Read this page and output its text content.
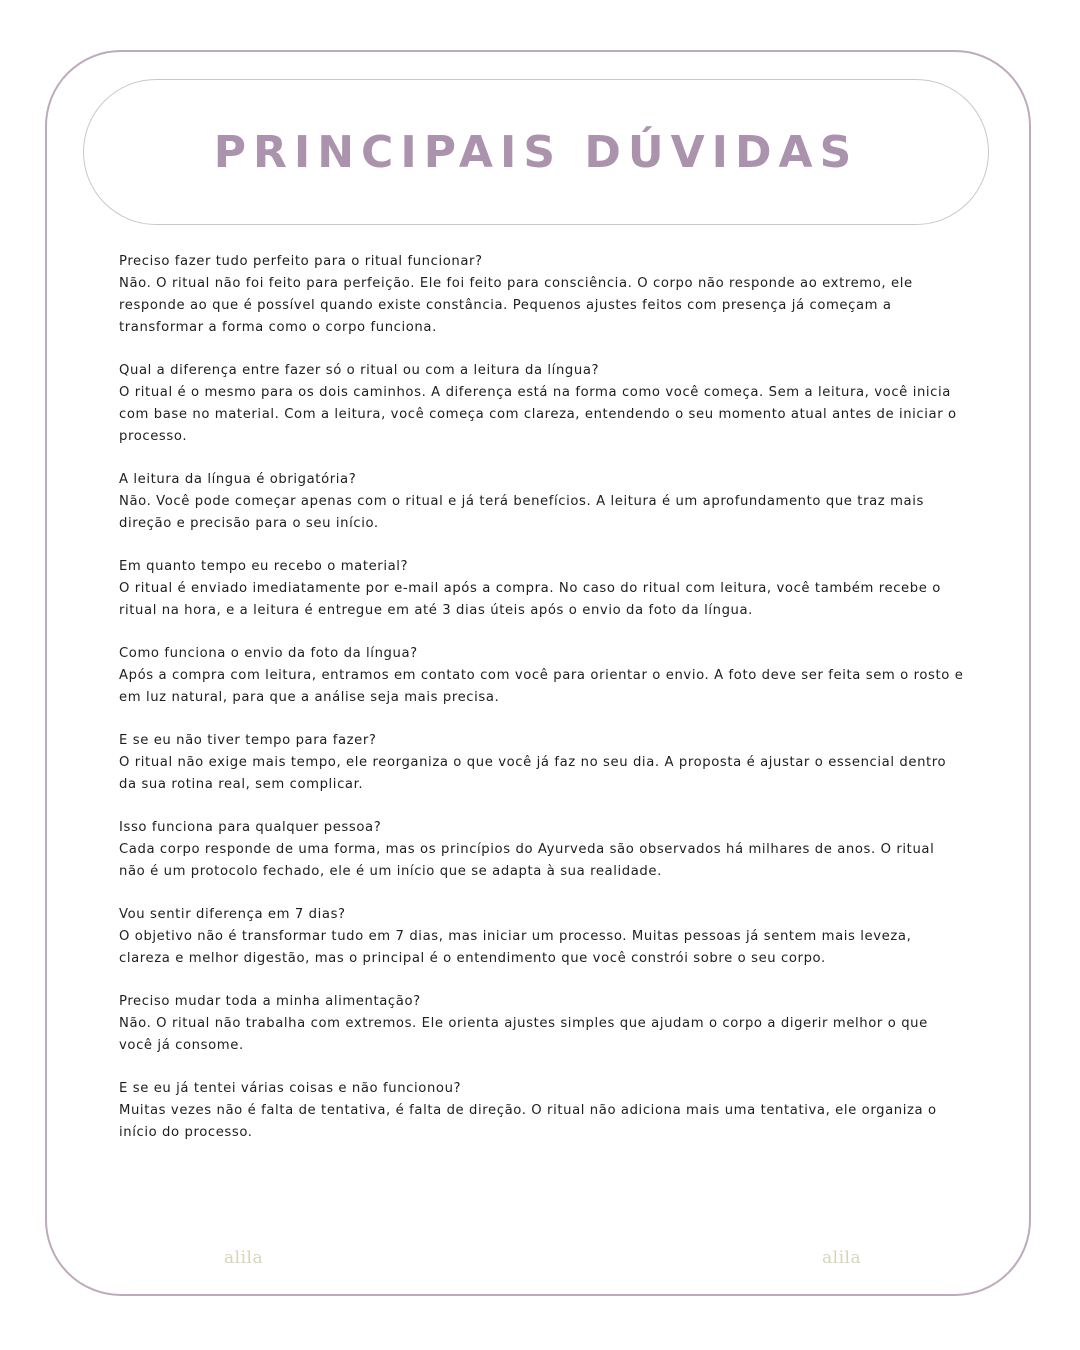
PRINCIPAIS DÚVIDAS

Preciso fazer tudo perfeito para o ritual funcionar?

Não. O ritual não foi feito para perfeição. Ele foi feito para consciência. O corpo não responde ao extremo, ele responde ao que é possível quando existe constância. Pequenos ajustes feitos com presença já começam a transformar a forma como o corpo funciona.

Qual a diferença entre fazer só o ritual ou com a leitura da língua?

O ritual é o mesmo para os dois caminhos. A diferença está na forma como você começa. Sem a leitura, você inicia com base no material. Com a leitura, você começa com clareza, entendendo o seu momento atual antes de iniciar o processo.

A leitura da língua é obrigatória?

Não. Você pode começar apenas com o ritual e já terá benefícios. A leitura é um aprofundamento que traz mais direção e precisão para o seu início.

Em quanto tempo eu recebo o material?

O ritual é enviado imediatamente por e-mail após a compra. No caso do ritual com leitura, você também recebe o ritual na hora, e a leitura é entregue em até 3 dias úteis após o envio da foto da língua.

Como funciona o envio da foto da língua?

Após a compra com leitura, entramos em contato com você para orientar o envio. A foto deve ser feita sem o rosto e em luz natural, para que a análise seja mais precisa.

E se eu não tiver tempo para fazer?

O ritual não exige mais tempo, ele reorganiza o que você já faz no seu dia. A proposta é ajustar o essencial dentro da sua rotina real, sem complicar.

Isso funciona para qualquer pessoa?

Cada corpo responde de uma forma, mas os princípios do Ayurveda são observados há milhares de anos. O ritual não é um protocolo fechado, ele é um início que se adapta à sua realidade.

Vou sentir diferença em 7 dias?

O objetivo não é transformar tudo em 7 dias, mas iniciar um processo. Muitas pessoas já sentem mais leveza, clareza e melhor digestão, mas o principal é o entendimento que você constrói sobre o seu corpo.

Preciso mudar toda a minha alimentação?

Não. O ritual não trabalha com extremos. Ele orienta ajustes simples que ajudam o corpo a digerir melhor o que você já consome.

E se eu já tentei várias coisas e não funcionou?

Muitas vezes não é falta de tentativa, é falta de direção. O ritual não adiciona mais uma tentativa, ele organiza o início do processo.

alila	alila
